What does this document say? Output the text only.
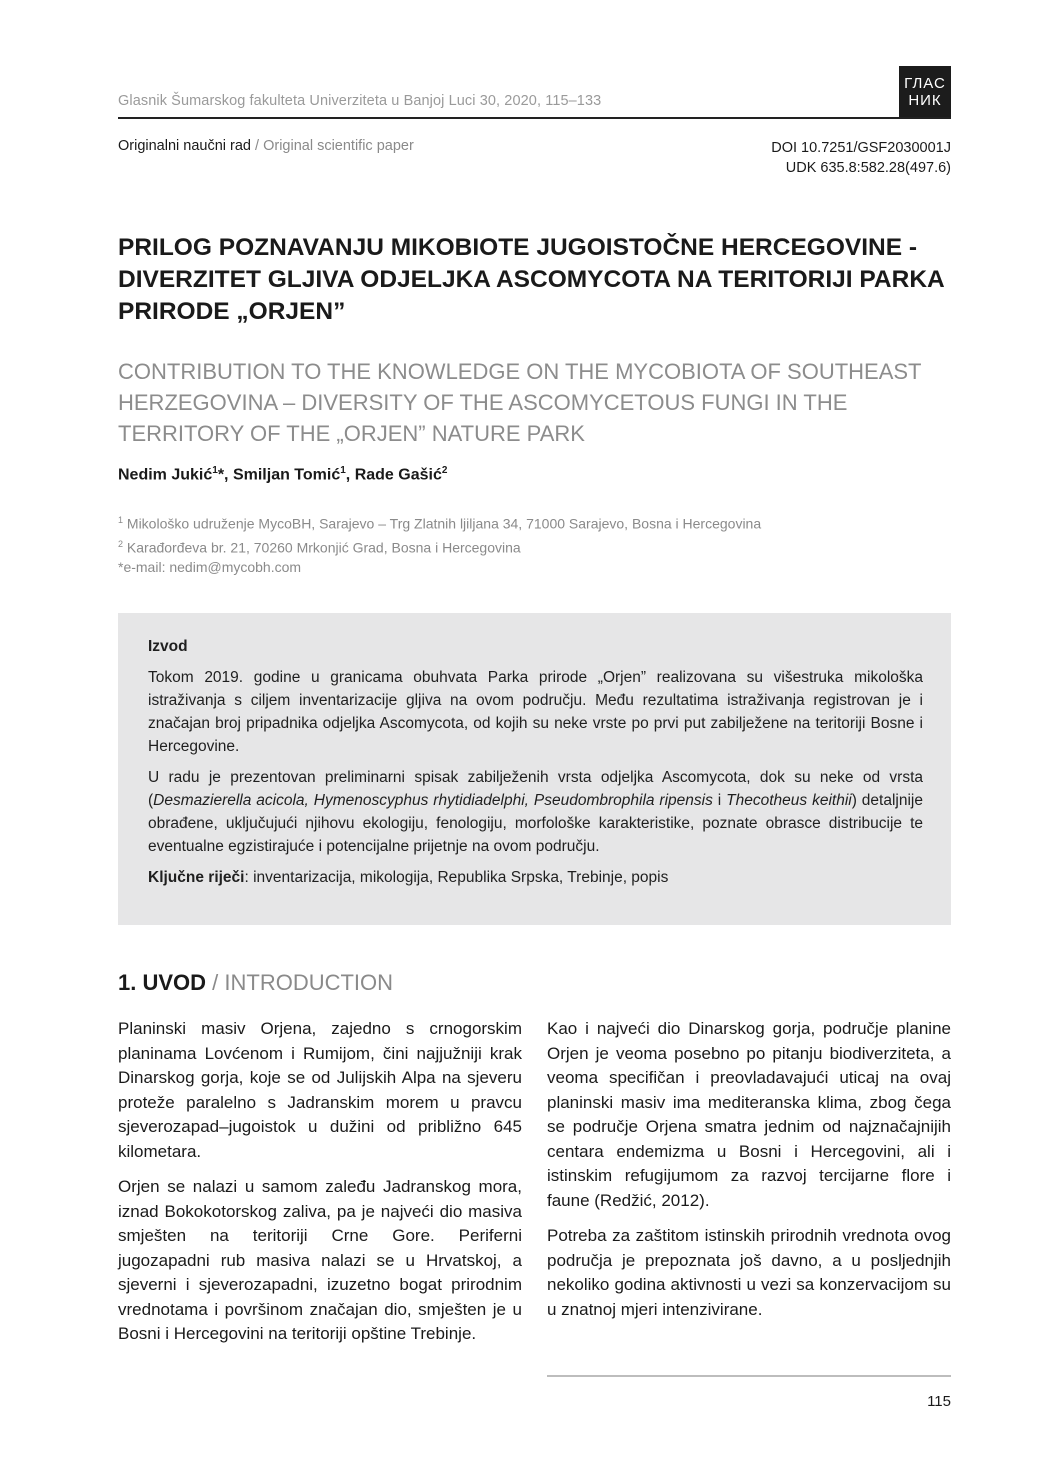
Glasnik Šumarskog fakulteta Univerziteta u Banjoj Luci 30, 2020, 115–133
ГЛАС
НИК
Originalni naučni rad / Original scientific paper	DOI 10.7251/GSF2030001J
UDK 635.8:582.28(497.6)
PRILOG POZNAVANJU MIKOBIOTE JUGOISTOČNE HERCEGOVINE - DIVERZITET GLJIVA ODJELJKA ASCOMYCOTA NA TERITORIJI PARKA PRIRODE „ORJEN”
CONTRIBUTION TO THE KNOWLEDGE ON THE MYCOBIOTA OF SOUTHEAST HERZEGOVINA – DIVERSITY OF THE ASCOMYCETOUS FUNGI IN THE TERRITORY OF THE „ORJEN” NATURE PARK
Nedim Jukić$^1$*, Smiljan Tomić$^1$, Rade Gašić$^2$
$^1$ Mikološko udruženje MycoBH, Sarajevo – Trg Zlatnih ljiljana 34, 71000 Sarajevo, Bosna i Hercegovina
$^2$ Karađorđeva br. 21, 70260 Mrkonjić Grad, Bosna i Hercegovina
*e-mail: nedim@mycobh.com

Izvod

Tokom 2019. godine u granicama obuhvata Parka prirode „Orjen” realizovana su višestruka mikološka istraživanja s ciljem inventarizacije gljiva na ovom području. Među rezultatima istraživanja registrovan je i značajan broj pripadnika odjeljka Ascomycota, od kojih su neke vrste po prvi put zabilježene na teritoriji Bosne i Hercegovine.

U radu je prezentovan preliminarni spisak zabilježenih vrsta odjeljka Ascomycota, dok su neke od vrsta (Desmazierella acicola, Hymenoscyphus rhytidiadelphi, Pseudombrophila ripensis i Thecotheus keithii) detaljnije obrađene, uključujući njihovu ekologiju, fenologiju, morfološke karakteristike, poznate obrasce distribucije te eventualne egzistirajuće i potencijalne prijetnje na ovom području.

Ključne riječi: inventarizacija, mikologija, Republika Srpska, Trebinje, popis

1. UVOD / INTRODUCTION

Planinski masiv Orjena, zajedno s crnogorskim planinama Lovćenom i Rumijom, čini najjužniji krak Dinarskog gorja, koje se od Julijskih Alpa na sjeveru proteže paralelno s Jadranskim morem u pravcu sjeverozapad–jugoistok u dužini od približno 645 kilometara.

Orjen se nalazi u samom zaleđu Jadranskog mora, iznad Bokokotorskog zaliva, pa je najveći dio masiva smješten na teritoriji Crne Gore. Periferni jugozapadni rub masiva nalazi se u Hrvatskoj, a sjeverni i sjeverozapadni, izuzetno bogat prirodnim vrednotama i površinom značajan dio, smješten je u Bosni i Hercegovini na teritoriji opštine Trebinje.

Kao i najveći dio Dinarskog gorja, područje planine Orjen je veoma posebno po pitanju biodiverziteta, a veoma specifičan i preovladavajući uticaj na ovaj planinski masiv ima mediteranska klima, zbog čega se područje Orjena smatra jednim od najznačajnijih centara endemizma u Bosni i Hercegovini, ali i istinskim refugijumom za razvoj tercijarne flore i faune (Redžić, 2012).

Potreba za zaštitom istinskih prirodnih vrednota ovog područja je prepoznata još davno, a u posljednjih nekoliko godina aktivnosti u vezi sa konzervacijom su u znatnoj mjeri intenzivirane.

115
